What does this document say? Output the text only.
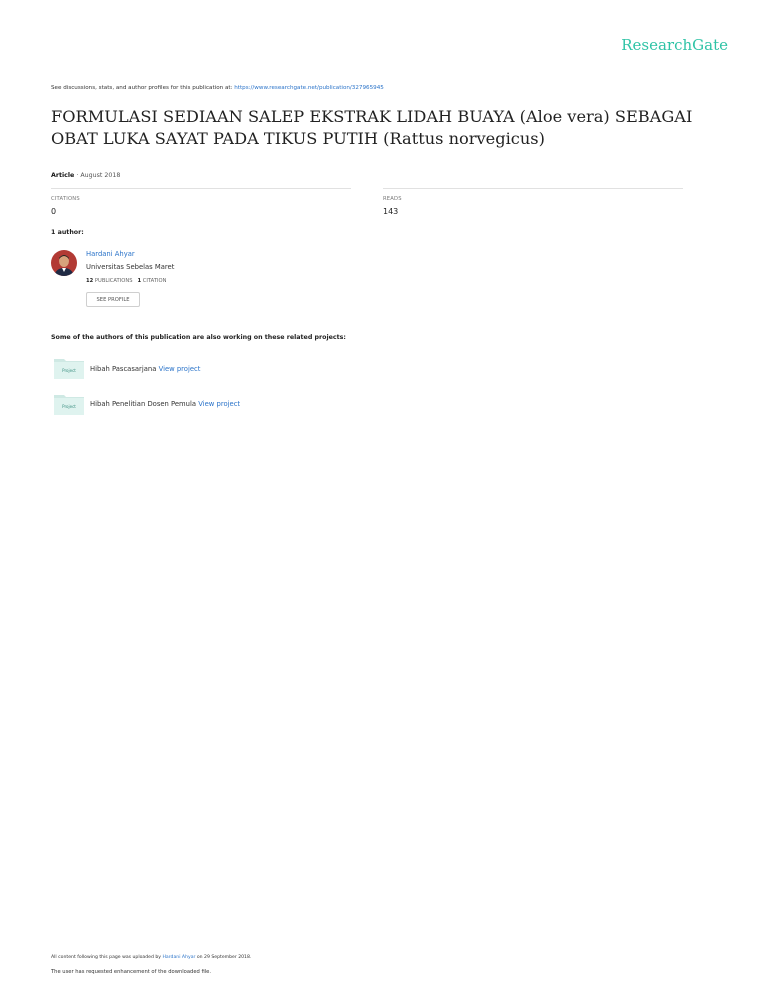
ResearchGate
See discussions, stats, and author profiles for this publication at: https://www.researchgate.net/publication/327965945
FORMULASI SEDIAAN SALEP EKSTRAK LIDAH BUAYA (Aloe vera) SEBAGAI OBAT LUKA SAYAT PADA TIKUS PUTIH (Rattus norvegicus)
Article · August 2018
CITATIONS
0
READS
143
1 author:
Hardani Ahyar
Universitas Sebelas Maret
12 PUBLICATIONS 1 CITATION
SEE PROFILE
Some of the authors of this publication are also working on these related projects:
Project Hibah Pascasarjana View project
Project Hibah Penelitian Dosen Pemula View project
All content following this page was uploaded by Hardani Ahyar on 29 September 2018.
The user has requested enhancement of the downloaded file.
